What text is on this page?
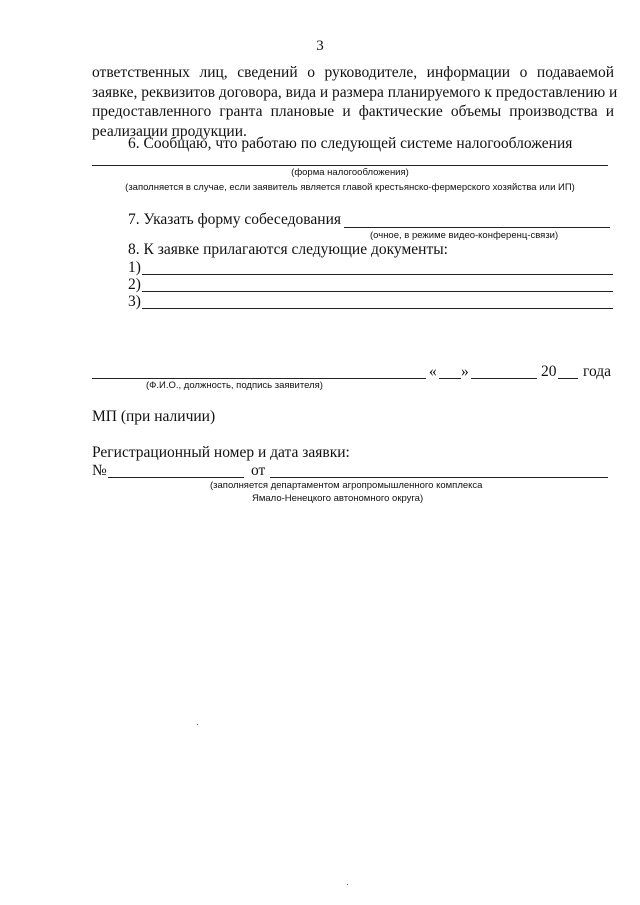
3
ответственных лиц, сведений о руководителе, информации о подаваемой
заявке, реквизитов договора, вида и размера планируемого к предоставлению и
предоставленного гранта плановые и фактические объемы производства и
реализации продукции.
6. Сообщаю, что работаю по следующей системе налогообложения
(форма налогообложения)
(заполняется в случае, если заявитель является главой крестьянско-фермерского хозяйства или ИП)
7. Указать форму собеседования
(очное, в режиме видео-конференц-связи)
8. К заявке прилагаются следующие документы:
1)
2)
3)
« »	20 года
(Ф.И.О., должность, подпись заявителя)
МП (при наличии)
Регистрационный номер и дата заявки:
№	от
(заполняется департаментом агропромышленного комплекса
Ямало-Ненецкого автономного округа)
